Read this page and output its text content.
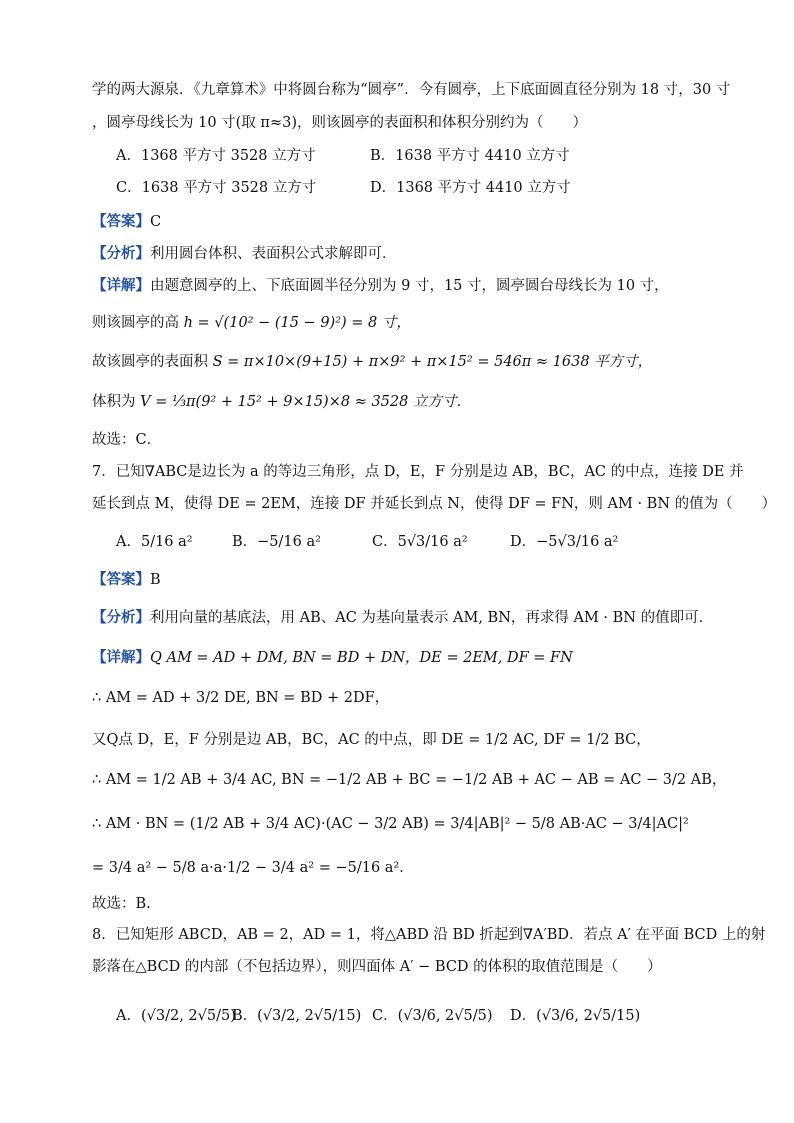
学的两大源泉．《九章算术》中将圆台称为“圆亭”．今有圆亭，上下底面圆直径分别为 18 寸，30 寸
，圆亭母线长为 10 寸(取 π≈3)，则该圆亭的表面积和体积分别约为（　　）
A．1368 平方寸 3528 立方寸	B．1638 平方寸 4410 立方寸
C．1638 平方寸 3528 立方寸	D．1368 平方寸 4410 立方寸
【答案】C
【分析】利用圆台体积、表面积公式求解即可．
【详解】由题意圆亭的上、下底面圆半径分别为 9 寸，15 寸，圆亭圆台母线长为 10 寸，
则该圆亭的高 h = √(10² − (15 − 9)²) = 8 寸，
故该圆亭的表面积 S = π×10×(9+15) + π×9² + π×15² = 546π ≈ 1638 平方寸，
体积为 V = ⅓π(9² + 15² + 9×15)×8 ≈ 3528 立方寸．
故选：C．
7．已知∇ABC是边长为 a 的等边三角形，点 D，E，F 分别是边 AB，BC，AC 的中点，连接 DE 并
延长到点 M，使得 DE = 2EM，连接 DF 并延长到点 N，使得 DF = FN，则 AM · BN 的值为（　　）
A．5/16 a²	B．−5/16 a²	C．5√3/16 a²	D．−5√3/16 a²
【答案】B
【分析】利用向量的基底法，用 AB、AC 为基向量表示 AM, BN，再求得 AM · BN 的值即可．
【详解】Q AM = AD + DM, BN = BD + DN，DE = 2EM, DF = FN
∴ AM = AD + 3/2 DE, BN = BD + 2DF，
又Q点 D，E，F 分别是边 AB，BC，AC 的中点，即 DE = 1/2 AC, DF = 1/2 BC，
∴ AM = 1/2 AB + 3/4 AC, BN = −1/2 AB + BC = −1/2 AB + AC − AB = AC − 3/2 AB，
∴ AM · BN = (1/2 AB + 3/4 AC)·(AC − 3/2 AB) = 3/4|AB|² − 5/8 AB·AC − 3/4|AC|²
= 3/4 a² − 5/8 a·a·1/2 − 3/4 a² = −5/16 a²．
故选：B.
8．已知矩形 ABCD，AB = 2，AD = 1，将△ABD 沿 BD 折起到∇A′BD．若点 A′ 在平面 BCD 上的射
影落在△BCD 的内部（不包括边界），则四面体 A′ − BCD 的体积的取值范围是（　　）
A．(√3/2, 2√5/5)
B．(√3/2, 2√5/15) C．(√3/6, 2√5/5) D．(√3/6, 2√5/15)
